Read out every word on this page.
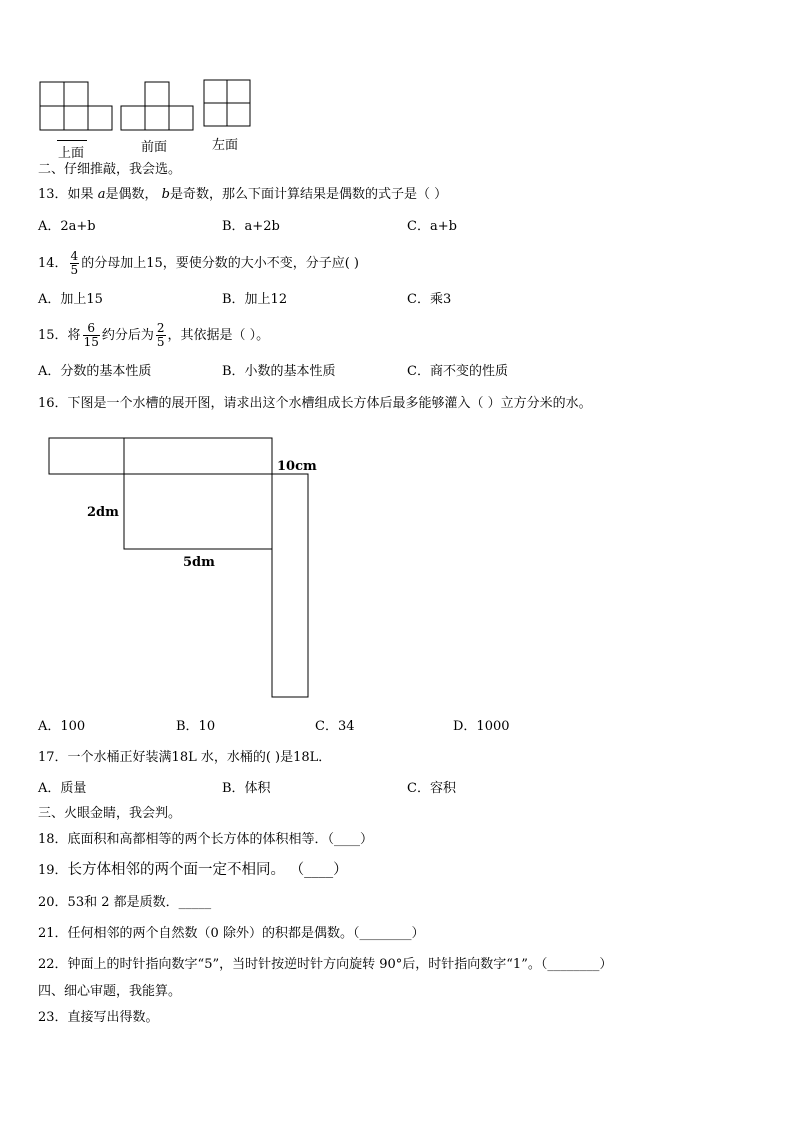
上面	前面	左面
二、仔细推敲，我会选。
13．如果 a是偶数， b是奇数，那么下面计算结果是偶数的式子是（ ）
A．2a+b	B．a+2b	C．a+b
14． $\frac{4}{5}$ 的分母加上15，要使分数的大小不变，分子应( )
A．加上15	B．加上12	C．乘3
15．将 $\frac{6}{15}$ 约分后为 $\frac{2}{5}$ ，其依据是（ ）。
A．分数的基本性质	B．小数的基本性质	C．商不变的性质
16．下图是一个水槽的展开图，请求出这个水槽组成长方体后最多能够灌入（ ）立方分米的水。
10cm
2dm
5dm
A．100	B．10	C．34	D．1000
17．一个水桶正好装满18L 水，水桶的( )是18L．
A．质量	B．体积	C．容积
三、火眼金睛，我会判。
18．底面积和高都相等的两个长方体的体积相等．（____）
19．长方体相邻的两个面一定不相同。 （____）
20．53和 2 都是质数．_____
21．任何相邻的两个自然数（0 除外）的积都是偶数。（________）
22．钟面上的时针指向数字“5”，当时针按逆时针方向旋转 90°后，时针指向数字“1”。（________）
四、细心审题，我能算。
23．直接写出得数。
